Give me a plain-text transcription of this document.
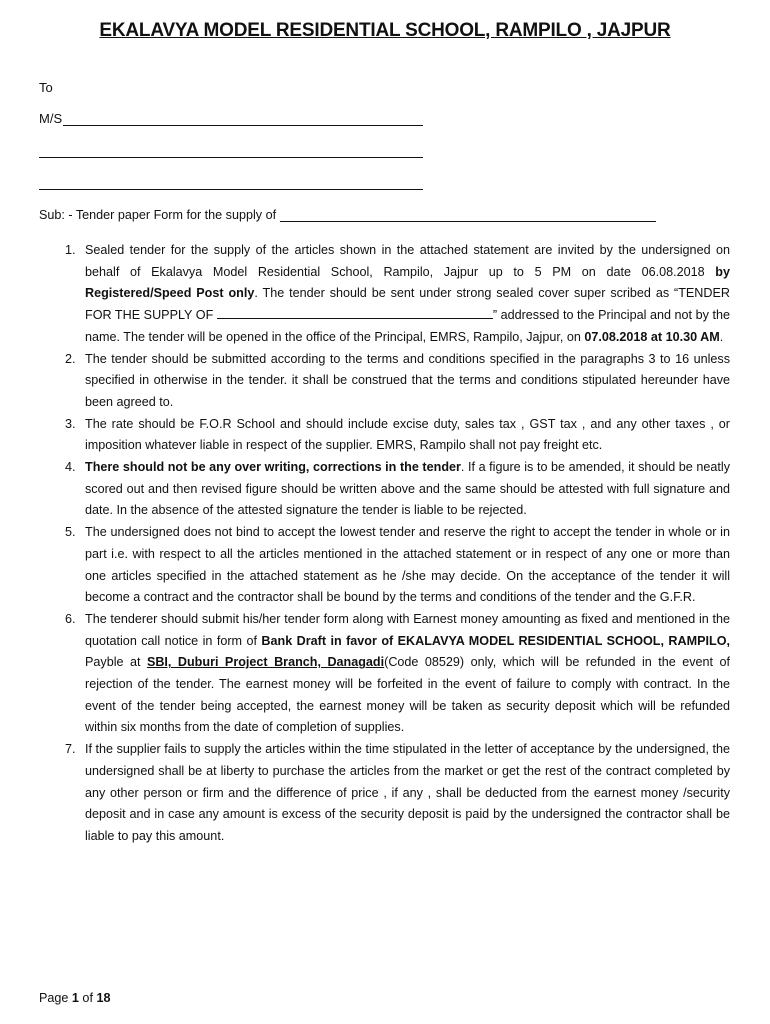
EKALAVYA MODEL RESIDENTIAL SCHOOL, RAMPILO , JAJPUR
To
M/S
Sub: - Tender paper Form for the supply of
1. Sealed tender for the supply of the articles shown in the attached statement are invited by the undersigned on behalf of Ekalavya Model Residential School, Rampilo, Jajpur up to 5 PM on date 06.08.2018 by Registered/Speed Post only. The tender should be sent under strong sealed cover super scribed as “TENDER FOR THE SUPPLY OF	” addressed to the Principal and not by the name. The tender will be opened in the office of the Principal, EMRS, Rampilo, Jajpur, on 07.08.2018 at 10.30 AM.
2. The tender should be submitted according to the terms and conditions specified in the paragraphs 3 to 16 unless specified in otherwise in the tender. it shall be construed that the terms and conditions stipulated hereunder have been agreed to.
3. The rate should be F.O.R School and should include excise duty, sales tax , GST tax , and any other taxes , or imposition whatever liable in respect of the supplier. EMRS, Rampilo shall not pay freight etc.
4. There should not be any over writing, corrections in the tender. If a figure is to be amended, it should be neatly scored out and then revised figure should be written above and the same should be attested with full signature and date. In the absence of the attested signature the tender is liable to be rejected.
5. The undersigned does not bind to accept the lowest tender and reserve the right to accept the tender in whole or in part i.e. with respect to all the articles mentioned in the attached statement or in respect of any one or more than one articles specified in the attached statement as he /she may decide. On the acceptance of the tender it will become a contract and the contractor shall be bound by the terms and conditions of the tender and the G.F.R.
6. The tenderer should submit his/her tender form along with Earnest money amounting as fixed and mentioned in the quotation call notice in form of Bank Draft in favor of EKALAVYA MODEL RESIDENTIAL SCHOOL, RAMPILO, Payble at SBI, Duburi Project Branch, Danagadi(Code 08529) only, which will be refunded in the event of rejection of the tender. The earnest money will be forfeited in the event of failure to comply with contract. In the event of the tender being accepted, the earnest money will be taken as security deposit which will be refunded within six months from the date of completion of supplies.
7. If the supplier fails to supply the articles within the time stipulated in the letter of acceptance by the undersigned, the undersigned shall be at liberty to purchase the articles from the market or get the rest of the contract completed by any other person or firm and the difference of price , if any , shall be deducted from the earnest money /security deposit and in case any amount is excess of the security deposit is paid by the undersigned the contractor shall be liable to pay this amount.
Page 1 of 18
